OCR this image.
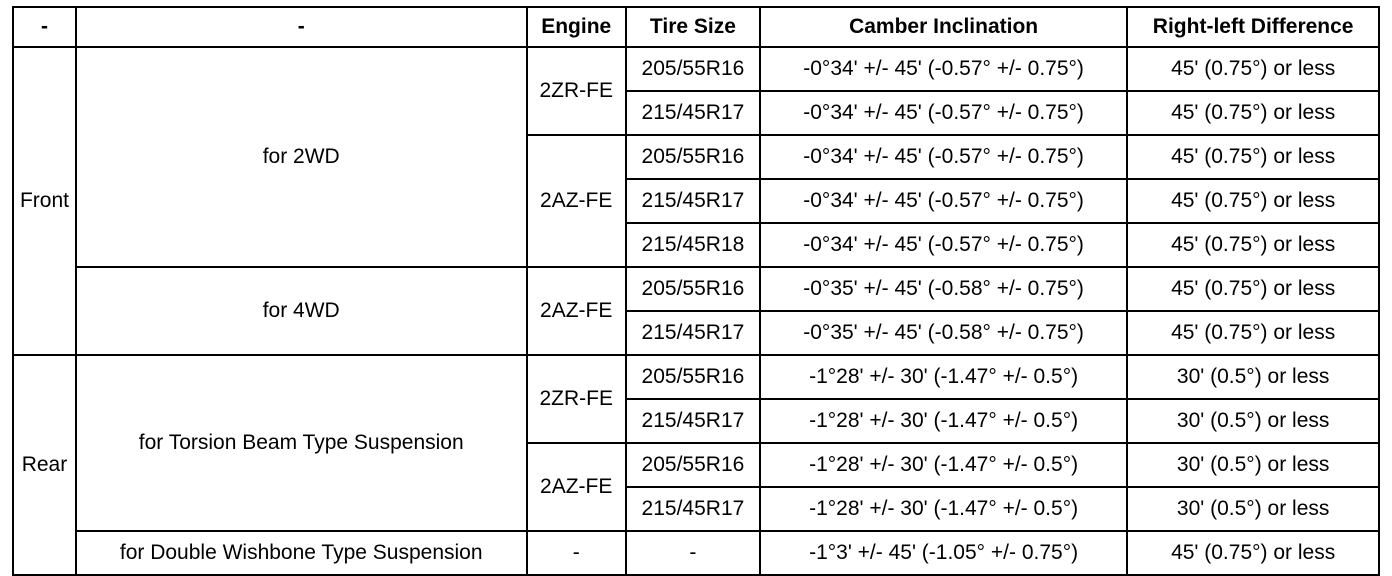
-	-	Engine	Tire Size	Camber Inclination	Right-left Difference
Front	for 2WD	2ZR-FE	205/55R16	-0°34' +/- 45' (-0.57° +/- 0.75°)	45' (0.75°) or less
			215/45R17	-0°34' +/- 45' (-0.57° +/- 0.75°)	45' (0.75°) or less
		2AZ-FE	205/55R16	-0°34' +/- 45' (-0.57° +/- 0.75°)	45' (0.75°) or less
			215/45R17	-0°34' +/- 45' (-0.57° +/- 0.75°)	45' (0.75°) or less
			215/45R18	-0°34' +/- 45' (-0.57° +/- 0.75°)	45' (0.75°) or less
	for 4WD	2AZ-FE	205/55R16	-0°35' +/- 45' (-0.58° +/- 0.75°)	45' (0.75°) or less
			215/45R17	-0°35' +/- 45' (-0.58° +/- 0.75°)	45' (0.75°) or less
Rear	for Torsion Beam Type Suspension	2ZR-FE	205/55R16	-1°28' +/- 30' (-1.47° +/- 0.5°)	30' (0.5°) or less
			215/45R17	-1°28' +/- 30' (-1.47° +/- 0.5°)	30' (0.5°) or less
		2AZ-FE	205/55R16	-1°28' +/- 30' (-1.47° +/- 0.5°)	30' (0.5°) or less
			215/45R17	-1°28' +/- 30' (-1.47° +/- 0.5°)	30' (0.5°) or less
	for Double Wishbone Type Suspension	-	-	-1°3' +/- 45' (-1.05° +/- 0.75°)	45' (0.75°) or less
